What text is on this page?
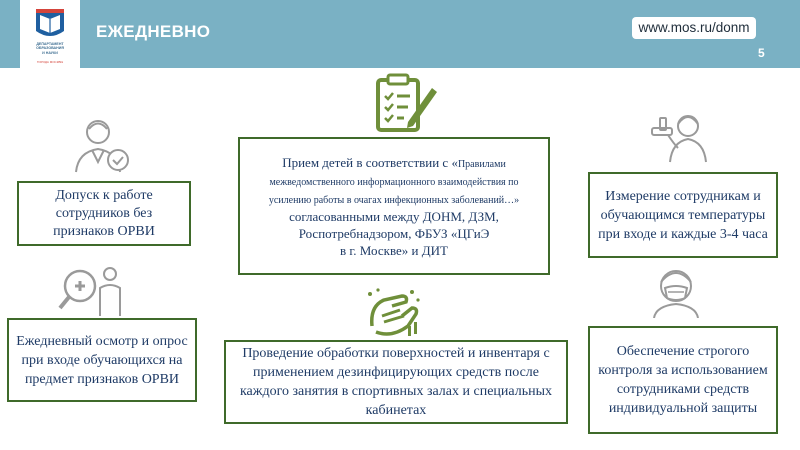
ДЕПАРТАМЕНТ
ОБРАЗОВАНИЯ
И НАУКИ
ГОРОДА МОСКВЫ
ЕЖЕДНЕВНО	www.mos.ru/donm
5
Прием детей в соответствии с «Правилами межведомственного информационного взаимодействия по усилению работы в очагах инфекционных заболеваний…» согласованными между ДОНМ, ДЗМ, Роспотребнадзором, ФБУЗ «ЦГиЭ
в г. Москве» и ДИТ
Допуск к работе сотрудников без признаков ОРВИ
Измерение сотрудникам и обучающимся температуры при входе и каждые 3-4 часа
Ежедневный осмотр и опрос при входе обучающихся на предмет признаков ОРВИ
Проведение обработки поверхностей и инвентаря с применением дезинфицирующих средств после каждого занятия в спортивных залах и специальных кабинетах
Обеспечение строгого контроля за использованием сотрудниками средств индивидуальной защиты
